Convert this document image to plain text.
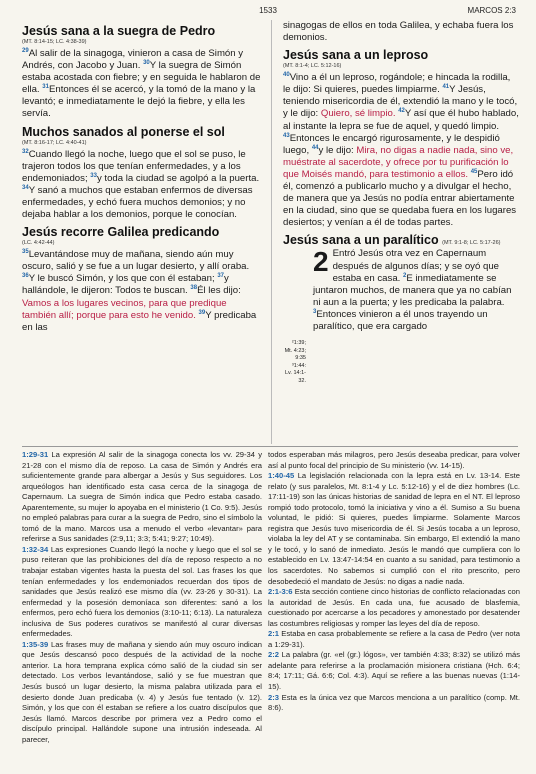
1533	MARCOS 2:3
Jesús sana a la suegra de Pedro
(MT. 8:14-15; LC. 4:38-39)

$^{29}$Al salir de la sinagoga, vinieron a casa de Simón y Andrés, con Jacobo y Juan. $^{30}$Y la suegra de Simón estaba acostada con fiebre; y en seguida le hablaron de ella. $^{31}$Entonces él se acercó, y la tomó de la mano y la levantó; e inmediatamente le dejó la fiebre, y ella les servía.

Muchos sanados al ponerse el sol
(MT. 8:16-17; LC. 4:40-41)

$^{32}$Cuando llegó la noche, luego que el sol se puso, le trajeron todos los que tenían enfermedades, y a los endemoniados; $^{33}$y toda la ciudad se agolpó a la puerta. $^{34}$Y sanó a muchos que estaban enfermos de diversas enfermedades, y echó fuera muchos demonios; y no dejaba hablar a los demonios, porque le conocían.

Jesús recorre Galilea predicando
(LC. 4:42-44)

$^{35}$Levantándose muy de mañana, siendo aún muy oscuro, salió y se fue a un lugar desierto, y allí oraba. $^{36}$Y le buscó Simón, y los que con él estaban; $^{37}$y hallándole, le dijeron: Todos te buscan. $^{38}$Él les dijo: Vamos a los lugares vecinos, para que predique también allí; porque para esto he venido. $^{39}$Y predicaba en las

sinagogas de ellos en toda Galilea, y echaba fuera los demonios.

Jesús sana a un leproso
(MT. 8:1-4; LC. 5:12-16)

$^{40}$Vino a él un leproso, rogándole; e hincada la rodilla, le dijo: Si quieres, puedes limpiarme. $^{41}$Y Jesús, teniendo misericordia de él, extendió la mano y le tocó, y le dijo: Quiero, sé limpio. $^{42}$Y así que él hubo hablado, al instante la lepra se fue de aquel, y quedó limpio. $^{43}$Entonces le encargó rigurosamente, y le despidió luego, $^{44}$y le dijo: Mira, no digas a nadie nada, sino ve, muéstrate al sacerdote, y ofrece por tu purificación lo que Moisés mandó, para testimonio a ellos. $^{45}$Pero idó él, comenzó a publicarlo mucho y a divulgar el hecho, de manera que ya Jesús no podía entrar abiertamente en la ciudad, sino que se quedaba fuera en los lugares desiertos; y venían a él de todas partes.

Jesús sana a un paralítico (MT. 9:1-8; LC. 5:17-26)

2 Entró Jesús otra vez en Capernaum después de algunos días; y se oyó que estaba en casa. $^2$E inmediatamente se juntaron muchos, de manera que ya no cabían ni aun a la puerta; y les predicaba la palabra. $^3$Entonces vinieron a él unos trayendo un paralítico, que era cargado

²1:39;
Mt. 4:23;
9:35
³1:44:
Lv. 14:1-32.

1:29-31 La expresión Al salir de la sinagoga conecta los vv. 29-34 y 21-28 con el mismo día de reposo. La casa de Simón y Andrés era suficientemente grande para albergar a Jesús y Sus seguidores. Los arqueólogos han identificado esta casa cerca de la sinagoga de Capernaum. La suegra de Simón indica que Pedro estaba casado. Aparentemente, su mujer lo apoyaba en el ministerio (1 Co. 9:5). Jesús no empleó palabras para curar a la suegra de Pedro, sino el símbolo la tomó de la mano. Marcos usa a menudo el verbo «levantar» para referirse a Sus sanidades (2:9,11; 3:3; 5:41; 9:27; 10:49).

1:32-34 Las expresiones Cuando llegó la noche y luego que el sol se puso reiteran que las prohibiciones del día de reposo respecto a no trabajar estaban vigentes hasta la puesta del sol. Las frases los que tenían enfermedades y los endemoniados recuerdan dos tipos de sanidades que Jesús realizó ese mismo día (vv. 23-26 y 30-31). La enfermedad y la posesión demoníaca son diferentes: sanó a los enfermos, pero echó fuera los demonios (3:10-11; 6:13). La naturaleza inclusiva de Sus poderes curativos se manifestó al curar diversas enfermedades.

1:35-39 Las frases muy de mañana y siendo aún muy oscuro indican que Jesús descansó poco después de la actividad de la noche anterior. La hora temprana explica cómo salió de la ciudad sin ser detectado. Los verbos levantándose, salió y se fue muestran que Jesús buscó un lugar desierto, la misma palabra utilizada para el desierto donde Juan predicaba (v. 4) y Jesús fue tentado (v. 12). Simón, y los que con él estaban se refiere a los cuatro discípulos que Jesús llamó. Marcos describe por primera vez a Pedro como el discípulo principal. Hallándole supone una intrusión indeseada. Al parecer,

todos esperaban más milagros, pero Jesús deseaba predicar, para volver así al punto focal del principio de Su ministerio (vv. 14-15).

1:40-45 La legislación relacionada con la lepra está en Lv. 13-14. Este relato (y sus paralelos, Mt. 8:1-4 y Lc. 5:12-16) y el de diez hombres (Lc. 17:11-19) son las únicas historias de sanidad de lepra en el NT. El leproso rompió todo protocolo, tomó la iniciativa y vino a él. Sumiso a Su buena voluntad, le pidió: Si quieres, puedes limpiarme. Solamente Marcos registra que Jesús tuvo misericordia de él. Si Jesús tocaba a un leproso, violaba la ley del AT y se contaminaba. Sin embargo, El extendió la mano y le tocó, y lo sanó de inmediato. Jesús le mandó que cumpliera con lo establecido en Lv. 13:47-14:54 en cuanto a su sanidad, para testimonio a los sacerdotes. No sabemos si cumplió con el rito prescrito, pero desobedeció el mandato de Jesús: no digas a nadie nada.

2:1-3:6 Esta sección contiene cinco historias de conflicto relacionadas con la autoridad de Jesús. En cada una, fue acusado de blasfemia, cuestionado por acercarse a los pecadores y amonestado por desatender las costumbres religiosas y romper las leyes del día de reposo.

2:1 Estaba en casa probablemente se refiere a la casa de Pedro (ver nota a 1:29-31).

2:2 La palabra (gr. «el (gr.) lógos», ver también 4:33; 8:32) se utilizó más adelante para referirse a la proclamación misionera cristiana (Hch. 6:4; 8:4; 17:11; Gá. 6:6; Col. 4:3). Aquí se refiere a las buenas nuevas (1:14-15).

2:3 Esta es la única vez que Marcos menciona a un paralítico (comp. Mt. 8:6).
